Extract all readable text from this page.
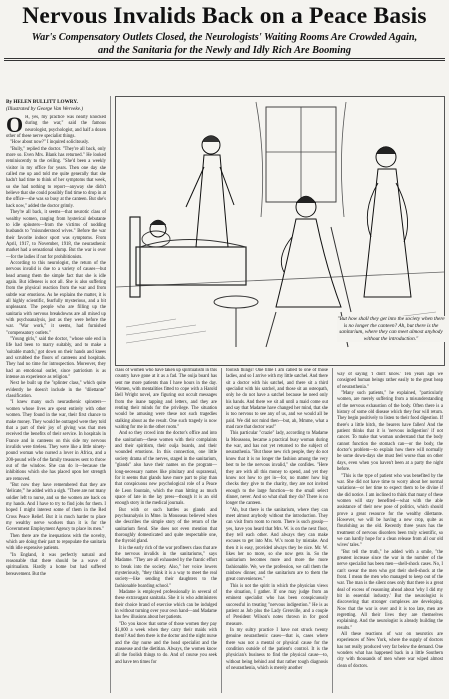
Nervous Invalids Back on a Peace Basis
War's Compensatory Outlets Closed, the Neurologists' Waiting Rooms Are Crowded Again,
and the Sanitaria for the Newly and Idly Rich Are Booming
By HELEN BULLITT LOWRY.
(Illustrated by George Van Werveke.)

O H, yes, my practice was nearly knocked during the war," said the famous neurologist, psychologist, and half a dozen other of these nerve specialist things.

"How about now?" I inquired solicitously.

"Bully," replied the doctor. "They're all back, only more so. Even Mrs. Blank has returned." He looked reminiscently to the ceiling. "She'd been a weekly visitor in my office for years. Then one day she called me up and told me quite generally that she hadn't had time to think of her symptoms that week, so she had nothing to report—anyway she didn't believe that she could possibly find time to drop in at the office—she was so busy at the canteen. But she's back now," added the doctor grimly.

They're all back, it seems—that neurotic class of wealthy women, ranging from hysterical debutante to idle spinsters—from the victims of nodding husbands to "misunderstood wives." Before the war their favorite indoor sport was symptoms. From April, 1917, to November, 1918, the neurasthenic market had a sensational slump. But the war is over—for the ladies if not for prohibitionists.

According to this neurologist, the return of the nervous invalid is due to a variety of causes—but head among them the simple fact that she is idle again. But idleness is not all. She is also suffering from the physical reaction from the war and from subtle war emotions. As he explains the matter, it is all highly scientific, fearfully mysterious, and a bit unpleasant. The people who are filling up the sanitaria with nervous breakdowns are all mixed up with psychoanalysis, just as they were before the war. "War work," it seems, had furnished "compensatory outlets."

"Young girls," said the doctor, "whose sole end in life had been to marry suitably, and to make a 'suitable match,' got down on their hands and knees and scrubbed the floors of canteens and hospitals. They had no time for introspection. Moreover, they had an emotional outlet, since patriotism is as intense an experience as religion."

Next he built up the "splinter class," which quite evidently he doesn't include in the "dilettante" classification.

"I knew many such neurasthenic spinsters—women whose lives are spent entirely with other women. They found in the war, their first chance to make money. They would be outraged were they told that a part of their joy of giving was that men received the benefits of their service. In hospitals in France and in canteens on this side my nervous invalids were tireless. They were like a little ninety-pound woman who nursed a lover in Africa, and a 200-pound wife of the family treasures sent to throw out of the window. She can do it—because the inhibitions which she has placed upon her strength are removed.

"But now they have remembered that they are 'delicate,'" he added with a sigh. "There are not many soldier left to nurse, and so the women are back on my hands. And I have to try to find jobs for them. I hoped I might interest some of them in the Red Cross Peace Relief. But it is much harder to place my wealthy nerve workers than it is for the Government Employment Agency to place its men."

Then there are the inequations with the novelty, which are doing their part to repopulate the sanitaria with idle expensive patients.

"In England, it was perfectly natural and reasonable that there should be a wave of spiritualism. Hardly a home but had suffered bereavement. But the

"But how shall they get into the society when there is no longer the canteen? Ah, but there is the sanitarium, where they can meet almost anybody without the introduction."

class of women who have taken up spiritualism in this country have gone at it as a fad. The ouija board has sent me more patients than I have hours in the day. Women, with mentalities fitted to cope with a Harold Bell Wright novel, are figuring out occult messages from the inane tapping and letters, and they are renting their minds for the privilege. The situation would be amusing were these not such tragedies stalking about as the result. One such tragedy is now waiting for me in the other room."

And so they crowd into the doctor's office and into the sanitarium—these women with their complaints and their spiritism, their ouija boards, and their wounded emotions. In this connection, one little society drama of the nerves, staged in the sanitarium, "glands" also have their names on the program—long-necessary names like pituitary and suprarenal, for it seems that glands have more part to play than that conspicuous new psychological role of a Peace de Leon fountain, which the man hitting as much space of late in the lay press—though it is an old enough story in the medical journals.

But with or such battles as glands and psychoanalysis in Mme. la Mousseau believed when she describes the simple story of the return of the sanitarium fiend. She does not even mention that thoroughly domesticated and quite respectable one, the thyroid gland.

It is the early rich of the war profiteers class that are the nervous invalids in the sanitariums," says Madame. "They are all exhausted by the frantic effort to break into the society. Also," her voice lowers mysteriously, "they think it is a way to meet the real society—like sending their daughters to the fashionable boarding school."

Madame is employed professionally in several of these extravagant sanitaria. She it is who administers their choice brand of exercise which can be indulged in without turning over your own hand—and Madame has few illusions about her patients.

"Do you know that some of those women they pay $1,000 a week when they carry their maids with them? And then there is the doctor and the night nurse and the day nurse and the head specialist and the masseuse and the dietitian. Always, the women know all the foolish things to do. And of course you seek and have ten times for

foolish things! One time I am called to one of those ladies, and so I arrive with my little satchel. And there sit a doctor with his satchel, and there sit a third specialist with his satchel, and those sit an osteopath, only he do not have a satchel because he need only his hands. And there we sit all until a maid come out and say that Madame have changed her mind, that she is too nervous to see any of us, and we would all be paid. We did not mind then—but, ah, Mmme, what a mad race that doctor was!"

This particular "crazie" lady, according to Madame la Mousseau, became a practical busy woman during the war, and has not yet returned to the subject of neurasthenia. "But those new rich people, they do not know that it is no longer the fashion among the very best to be the nervous invalid," she confides. "Here they are with all this money to spend, and yet they know not how to get in—for, no matter how big checks they give to the charity, they are not invited enough to the large function—to the small select dinner, never. And so what shall they do? There is no longer the canteen.

"Ah, but there is the sanitarium, where they can meet almost anybody without the introduction. They can visit from room to room. There is such gossip—yes, have you heard that Mrs. W. is on the next floor, they tell each other. And always they can make excuses to get into Mrs. W.'s room by mistake. And then it is easy, provided always they be nice. Mr. W. likes her no more, so she now gets in. So the sanitarium becomes more and more the more fashionable. We, we the profession, we call them the rainbow dinner, and the sanitarium are to them the great conveniences."

This is not the spirit in which the physician views the situation, I gather. If one may judge from an eminent specialist who has been conspicuously successful in treating "nervous indigestion." He is as patient as Job plus the Lady Grenville, and a couple of President Wilson's notes thrown in for good measure.

In my sultry practice I have not struck twenty genuine neurasthenic cases—that is, cases where there was not a mental or physical cause for the condition outside of the patient's control. It is the physician's business to find the physical cause—to, without being behind and that rather tough diagnosis of neurasthenia, which is merely another

way of saying 'I don't know.' Ten years ago we consigned human beings rather easily to the great heap of neurasthenia."

"Many such patients," he explained, "particularly women, are merely suffering from a misunderstanding of the nervous exhaustion of the body. Often there is a history of some old disease which they fear will return. They begin positively to listen to their food digestion. If there's a little hitch, the bearers have fallen! And the patient thinks that it is 'nervous indigestion' if not cancer. To make that woman understand that the body cannot function the stomach can—or the body, the doctor's problem—to explain how there will normally be some down-days she must feel worse than on other days, even when you haven't been at a party the night before.

"This is the type of patient who was benefited by the war. She did not have time to worry about her normal variations—or her time to expect them to be divine if she did notice. I am inclined to think that many of these women will stay benefited—what with the able assistance of their new pose of politics, which should prove a great resource for the wealthy dilettante. However, we will be having a new crop, quite as flourishing as the old. Recently three years has the treatment of nervous disorders been truly scientific, so we can hardly hope for a clean release from all our old wives' tales."

"But tell the truth," he added with a smile, "the greatest increase since the war in the number of the nerve specialist has been men—shell-shock cases. No, I can't swear the men who got their shell-shock at the front. I mean the men who managed to keep out of the war. The man is the silent ones only that there is a great deal of excess of reasoning ahead about 'why I did my bit in essential industry.' But the neurologist is discovering that stronger complexes are developing. Now that the war is over and it is too late, men are regretting. All their lives they are themselves explaining. And the neurologist is already building the results."

All these reactions of war on neurotics are experiences of New York, where the supply of doctors has not really produced very far below the demand. One wonders what has happened back in a little Southern city with thousands of men where war wiped almost clean of doctors.
